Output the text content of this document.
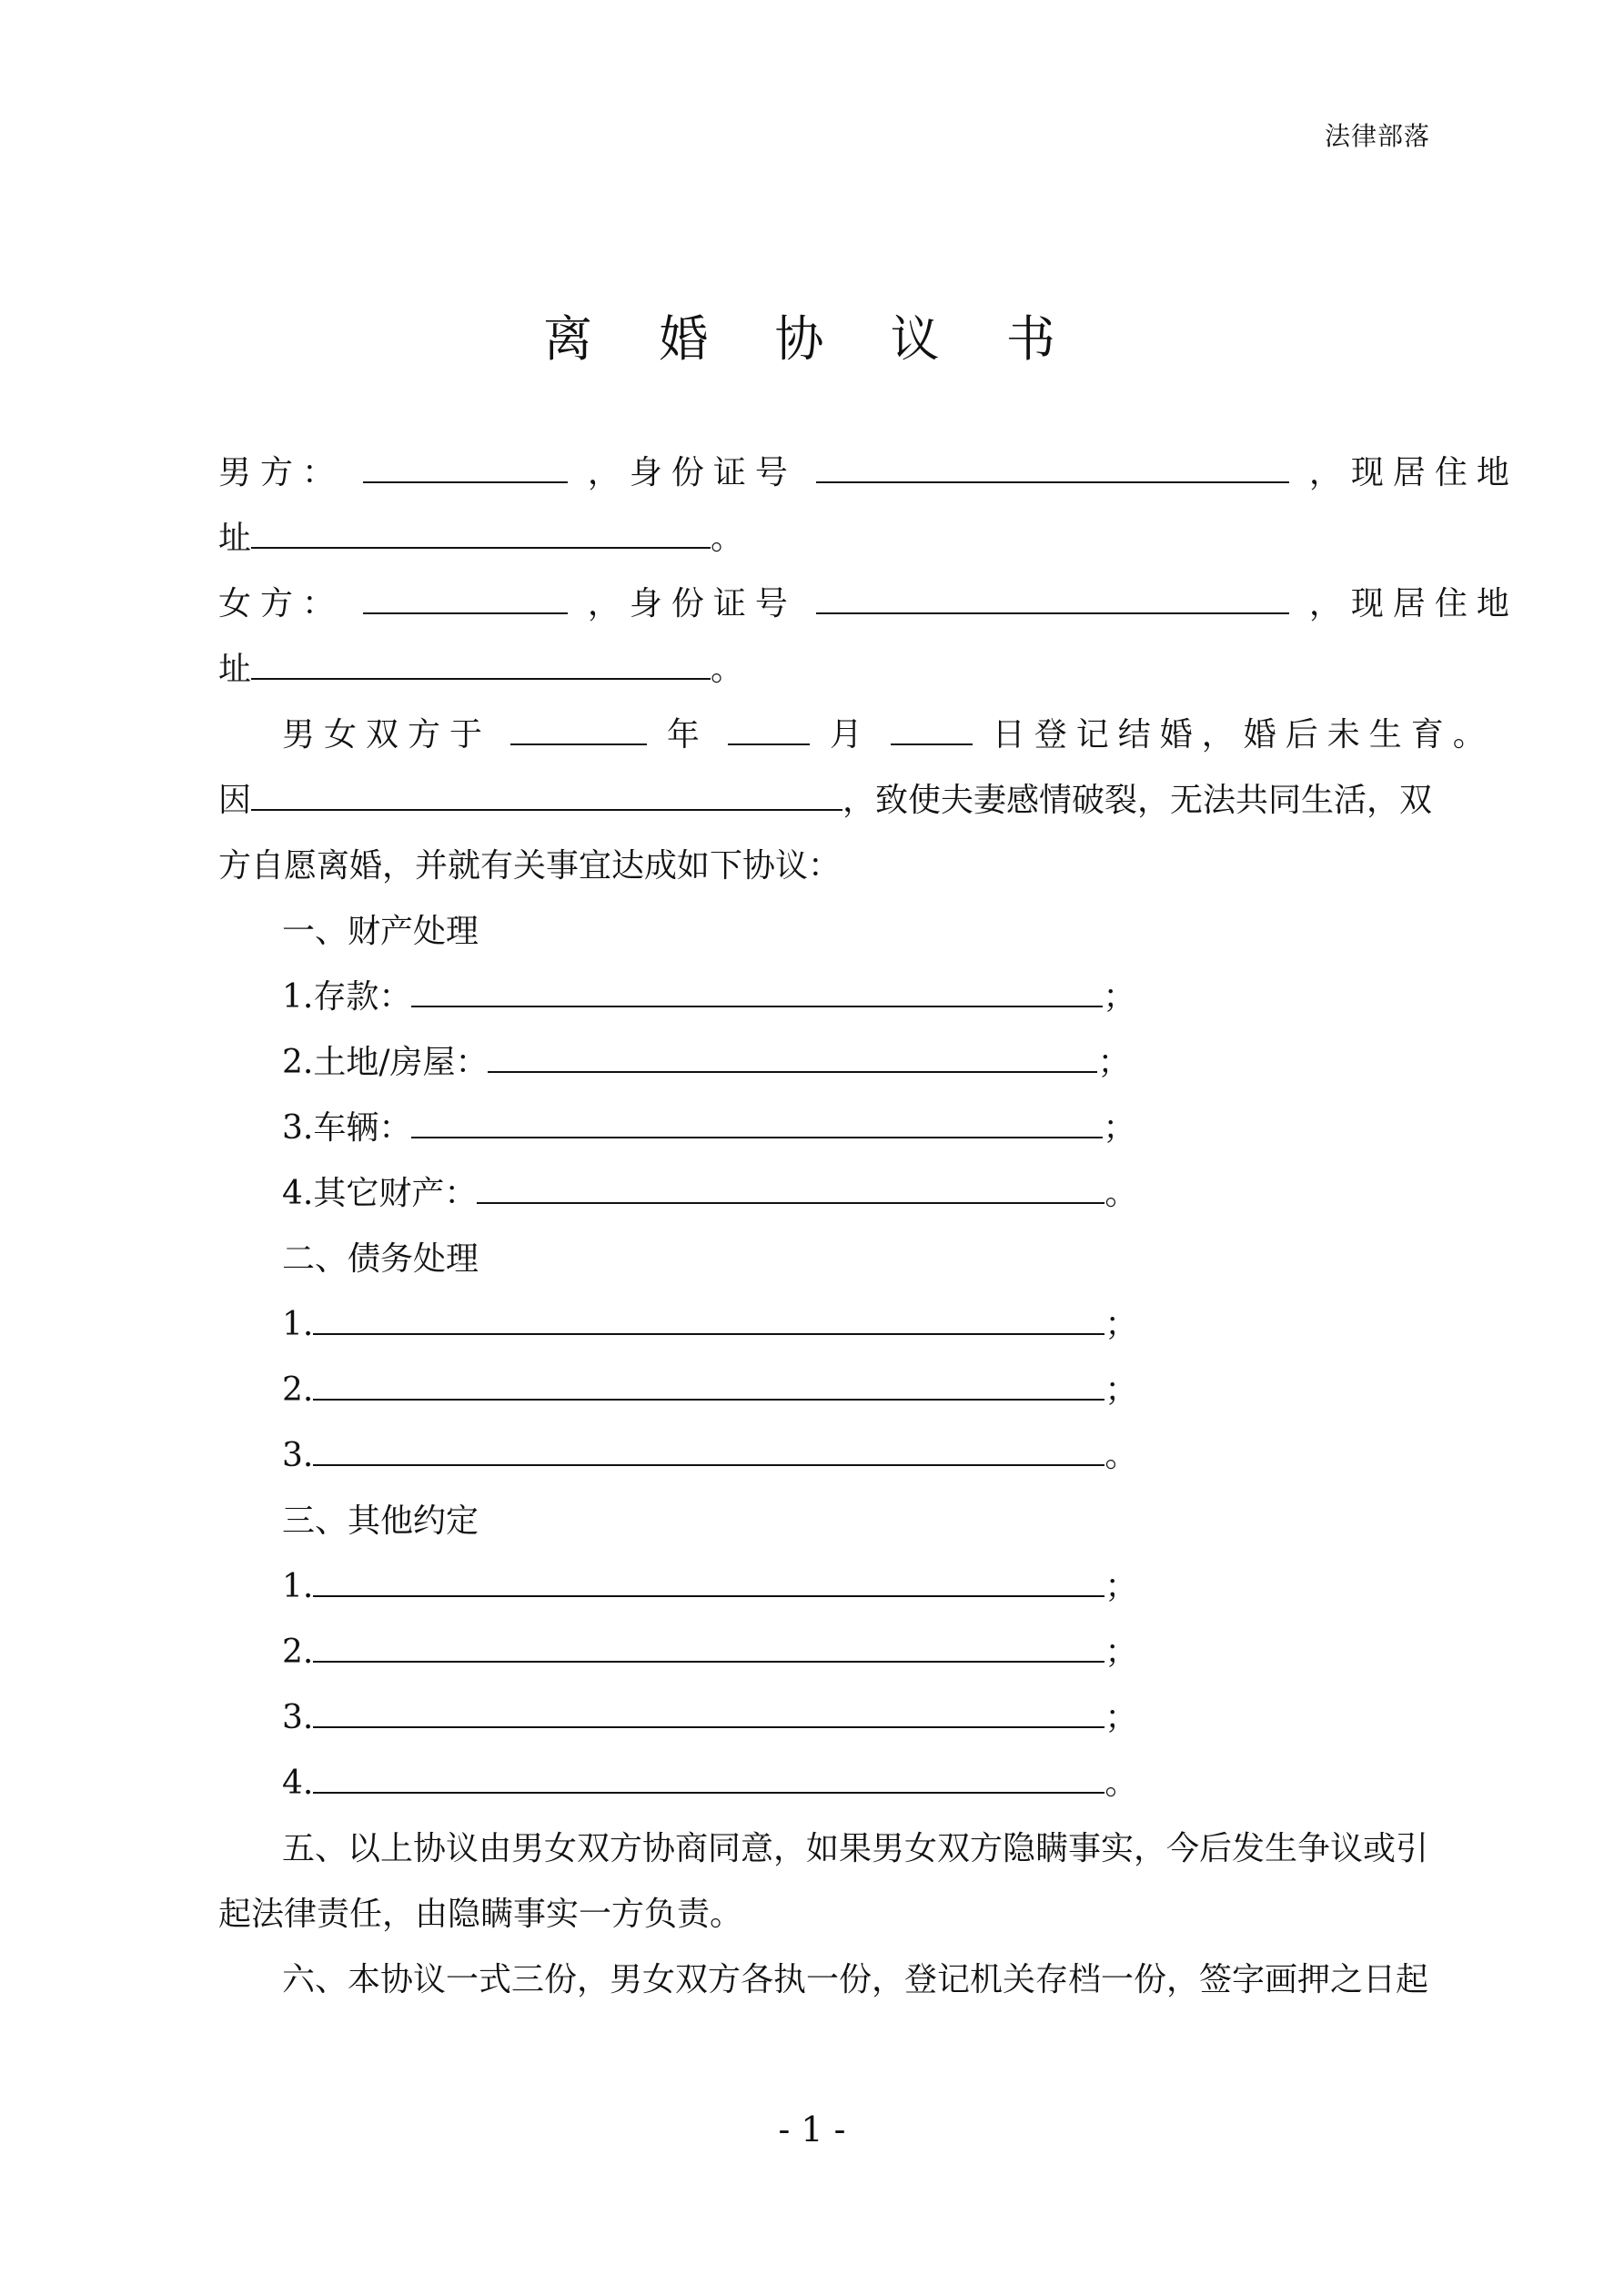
法律部落
离 婚 协 议 书
男方：	，身份证号	，现居住地
址	。
女方：	，身份证号	，现居住地
址	。
男女双方于	年	月	日登记结婚，婚后未生育。
因	，致使夫妻感情破裂，无法共同生活，双
方自愿离婚，并就有关事宜达成如下协议：
一、财产处理
1.存款：	；
2.土地/房屋：	；
3.车辆：	；
4.其它财产：	。
二、债务处理
1.	；
2.	；
3.	。
三、其他约定
1.	；
2.	；
3.	；
4.	。
五、以上协议由男女双方协商同意，如果男女双方隐瞒事实，今后发生争议或引
起法律责任，由隐瞒事实一方负责。
六、本协议一式三份，男女双方各执一份，登记机关存档一份，签字画押之日起
- 1 -
